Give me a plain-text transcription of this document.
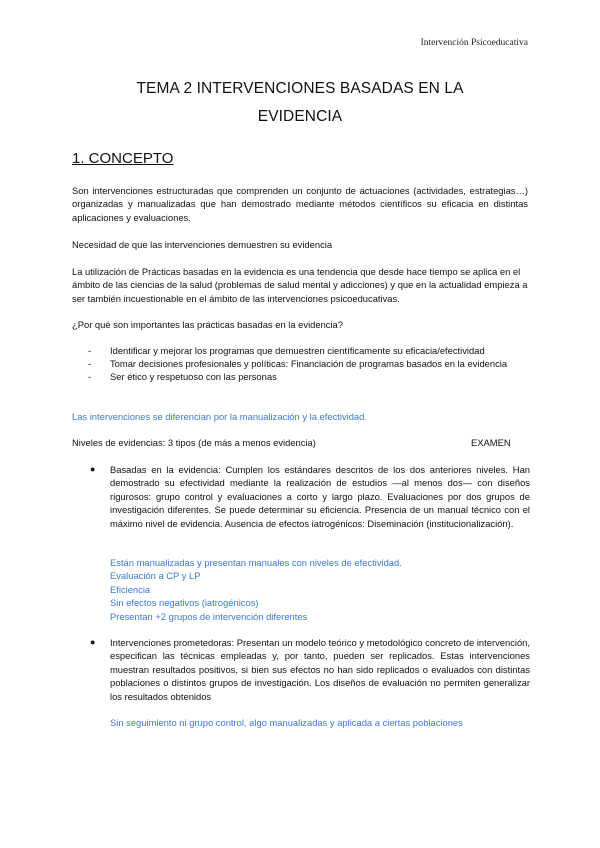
Intervención Psicoeducativa
TEMA 2 INTERVENCIONES BASADAS EN LA
EVIDENCIA
1. CONCEPTO

Son intervenciones estructuradas que comprenden un conjunto de actuaciones (actividades, estrategias…) organizadas y manualizadas que han demostrado mediante métodos científicos su eficacia en distintas aplicaciones y evaluaciones.

Necesidad de que las intervenciones demuestren su evidencia

La utilización de Prácticas basadas en la evidencia es una tendencia que desde hace tiempo se aplica en el ámbito de las ciencias de la salud (problemas de salud mental y adicciones) y que en la actualidad empieza a ser también incuestionable en el ámbito de las intervenciones psicoeducativas.

¿Por qué son importantes las prácticas basadas en la evidencia?

- Identificar y mejorar los programas que demuestren científicamente su eficacia/efectividad
- Tomar decisiones profesionales y políticas: Financiación de programas basados en la evidencia
- Ser ético y respetuoso con las personas

Las intervenciones se diferencian por la manualización y la efectividad.

Niveles de evidencias: 3 tipos (de más a menos evidencia)	EXAMEN

● Basadas en la evidencia: Cumplen los estándares descritos de los dos anteriores niveles. Han demostrado su efectividad mediante la realización de estudios —al menos dos— con diseños rigurosos: grupo control y evaluaciones a corto y largo plazo. Evaluaciones por dos grupos de investigación diferentes. Se puede determinar su eficiencia. Presencia de un manual técnico con el máximo nivel de evidencia. Ausencia de efectos iatrogénicos: Diseminación (institucionalización).

Están manualizadas y presentan manuales con niveles de efectividad.
Evaluación a CP y LP
Eficiencia
Sin efectos negativos (iatrogénicos)
Presentan +2 grupos de intervención diferentes
● Intervenciones prometedoras: Presentan un modelo teórico y metodológico concreto de intervención, especifican las técnicas empleadas y, por tanto, pueden ser replicados. Estas intervenciones muestran resultados positivos, si bien sus efectos no han sido replicados o evaluados con distintas poblaciones o distintos grupos de investigación. Los diseños de evaluación no permiten generalizar los resultados obtenidos

Sin seguimiento ni grupo control, algo manualizadas y aplicada a ciertas poblaciones
